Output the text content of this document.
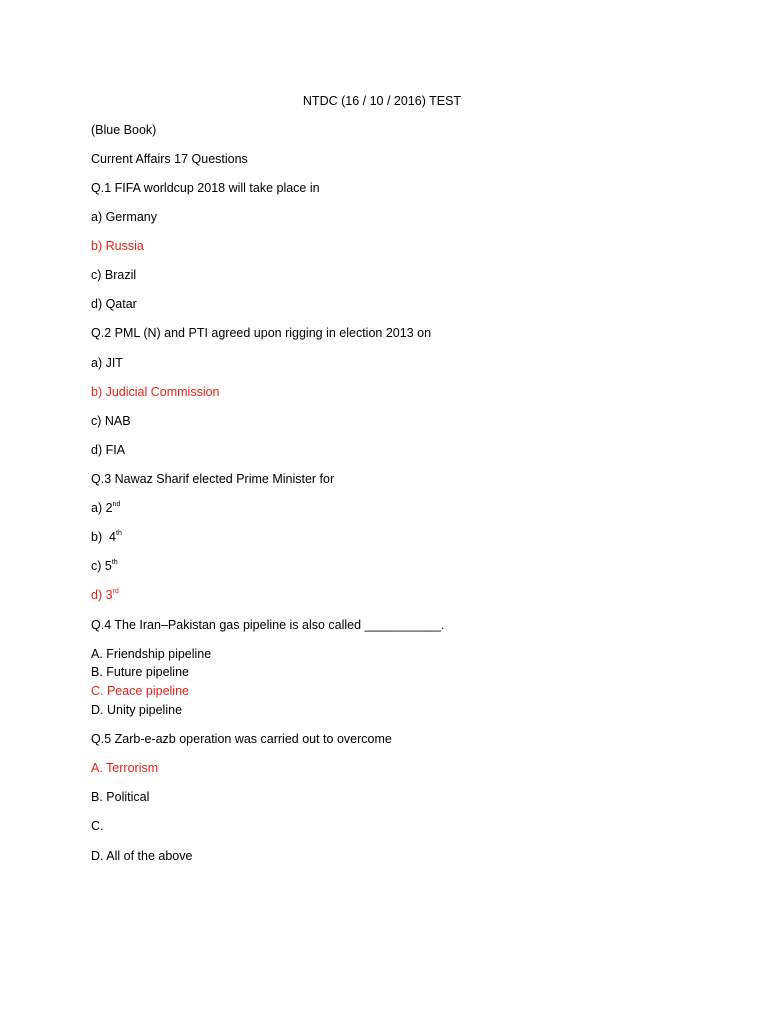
NTDC (16 / 10 / 2016) TEST
(Blue Book)
Current Affairs 17 Questions
Q.1 FIFA worldcup 2018 will take place in
a) Germany
b) Russia
c) Brazil
d) Qatar
Q.2 PML (N) and PTI agreed upon rigging in election 2013 on
a) JIT
b) Judicial Commission
c) NAB
d) FIA
Q.3 Nawaz Sharif elected Prime Minister for
a) 2nd
b)  4th
c) 5th
d) 3rd
Q.4 The Iran–Pakistan gas pipeline is also called ___________.
A. Friendship pipeline
B. Future pipeline
C. Peace pipeline
D. Unity pipeline
Q.5 Zarb-e-azb operation was carried out to overcome
A. Terrorism
B. Political
C.
D. All of the above
